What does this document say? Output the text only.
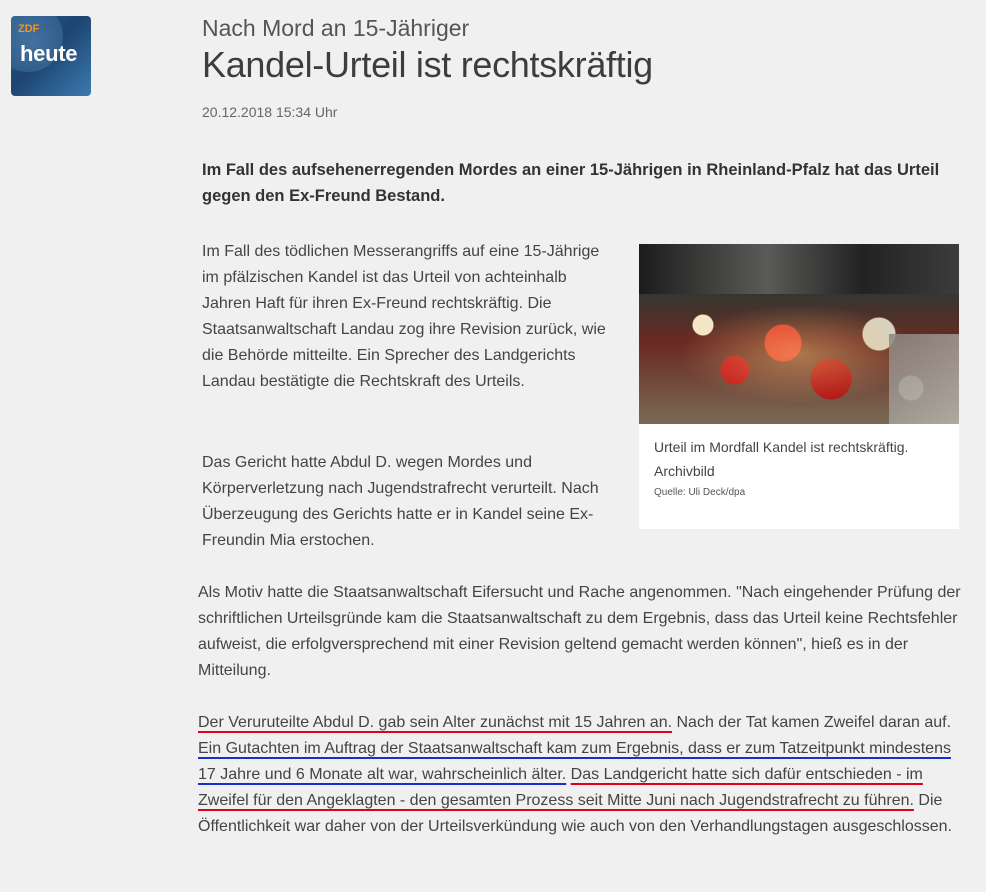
ZDF
heute
Nach Mord an 15-Jähriger
Kandel-Urteil ist rechtskräftig
20.12.2018 15:34 Uhr

Im Fall des aufsehenerregenden Mordes an einer 15-Jährigen in Rheinland-Pfalz hat das Urteil gegen den Ex-Freund Bestand.

Im Fall des tödlichen Messerangriffs auf eine 15-Jährige im pfälzischen Kandel ist das Urteil von achteinhalb Jahren Haft für ihren Ex-Freund rechtskräftig. Die Staatsanwaltschaft Landau zog ihre Revision zurück, wie die Behörde mitteilte. Ein Sprecher des Landgerichts Landau bestätigte die Rechtskraft des Urteils.

Das Gericht hatte Abdul D. wegen Mordes und Körperverletzung nach Jugendstrafrecht verurteilt. Nach Überzeugung des Gerichts hatte er in Kandel seine Ex-Freundin Mia erstochen.

Urteil im Mordfall Kandel ist rechtskräftig. Archivbild
Quelle: Uli Deck/dpa

Als Motiv hatte die Staatsanwaltschaft Eifersucht und Rache angenommen. "Nach eingehender Prüfung der schriftlichen Urteilsgründe kam die Staatsanwaltschaft zu dem Ergebnis, dass das Urteil keine Rechtsfehler aufweist, die erfolgversprechend mit einer Revision geltend gemacht werden können", hieß es in der Mitteilung.

Der Veruruteilte Abdul D. gab sein Alter zunächst mit 15 Jahren an. Nach der Tat kamen Zweifel daran auf. Ein Gutachten im Auftrag der Staatsanwaltschaft kam zum Ergebnis, dass er zum Tatzeitpunkt mindestens 17 Jahre und 6 Monate alt war, wahrscheinlich älter. Das Landgericht hatte sich dafür entschieden - im Zweifel für den Angeklagten - den gesamten Prozess seit Mitte Juni nach Jugendstrafrecht zu führen. Die Öffentlichkeit war daher von der Urteilsverkündung wie auch von den Verhandlungstagen ausgeschlossen.
